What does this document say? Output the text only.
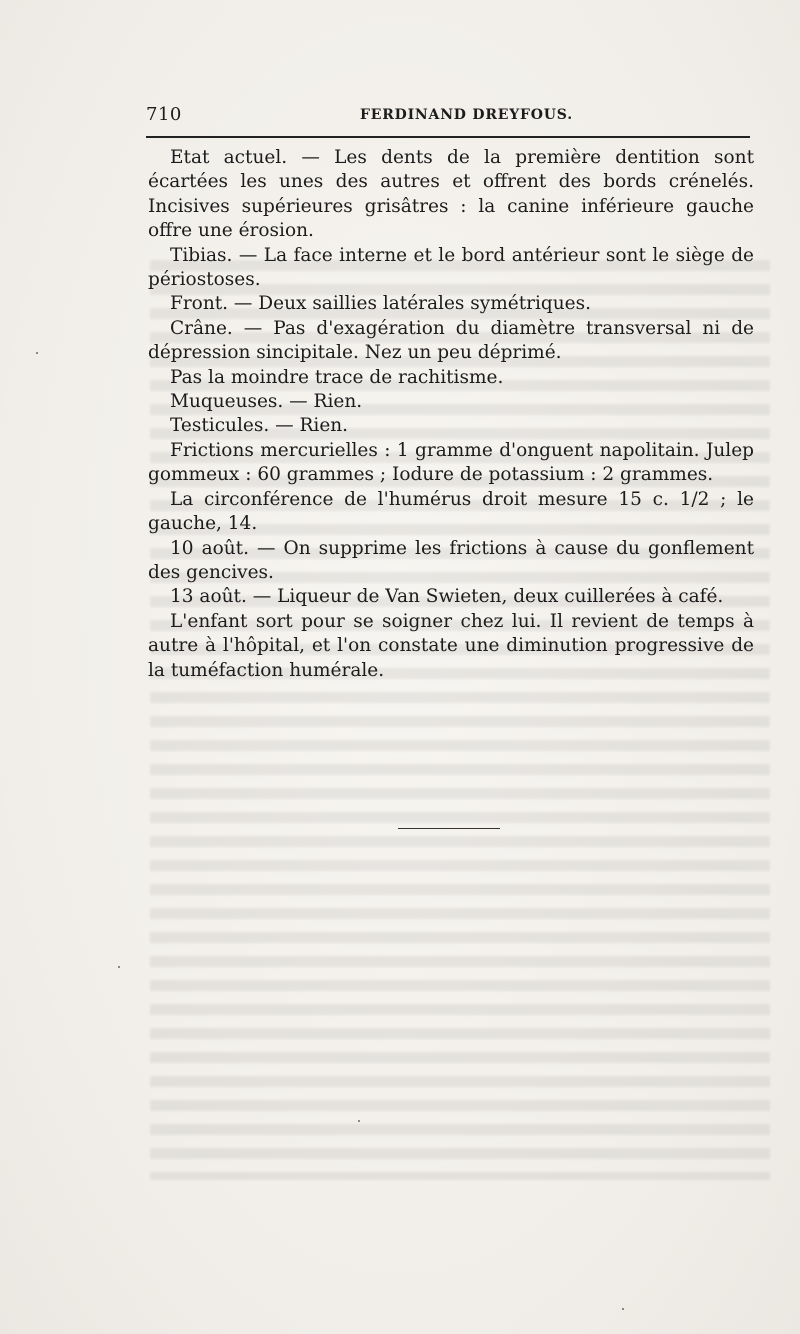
710	FERDINAND DREYFOUS.

Etat actuel. — Les dents de la première dentition sont écartées les unes des autres et offrent des bords crénelés. Incisives supérieures grisâtres : la canine inférieure gauche offre une érosion.

Tibias. — La face interne et le bord antérieur sont le siège de périostoses.

Front. — Deux saillies latérales symétriques.

Crâne. — Pas d'exagération du diamètre transversal ni de dépression sincipitale. Nez un peu déprimé.

Pas la moindre trace de rachitisme.

Muqueuses. — Rien.

Testicules. — Rien.

Frictions mercurielles : 1 gramme d'onguent napolitain. Julep gommeux : 60 grammes ; Iodure de potassium : 2 grammes.

La circonférence de l'humérus droit mesure 15 c. 1/2 ; le gauche, 14.

10 août. — On supprime les frictions à cause du gonflement des gencives.

13 août. — Liqueur de Van Swieten, deux cuillerées à café.

L'enfant sort pour se soigner chez lui. Il revient de temps à autre à l'hôpital, et l'on constate une diminution progressive de la tuméfaction humérale.
